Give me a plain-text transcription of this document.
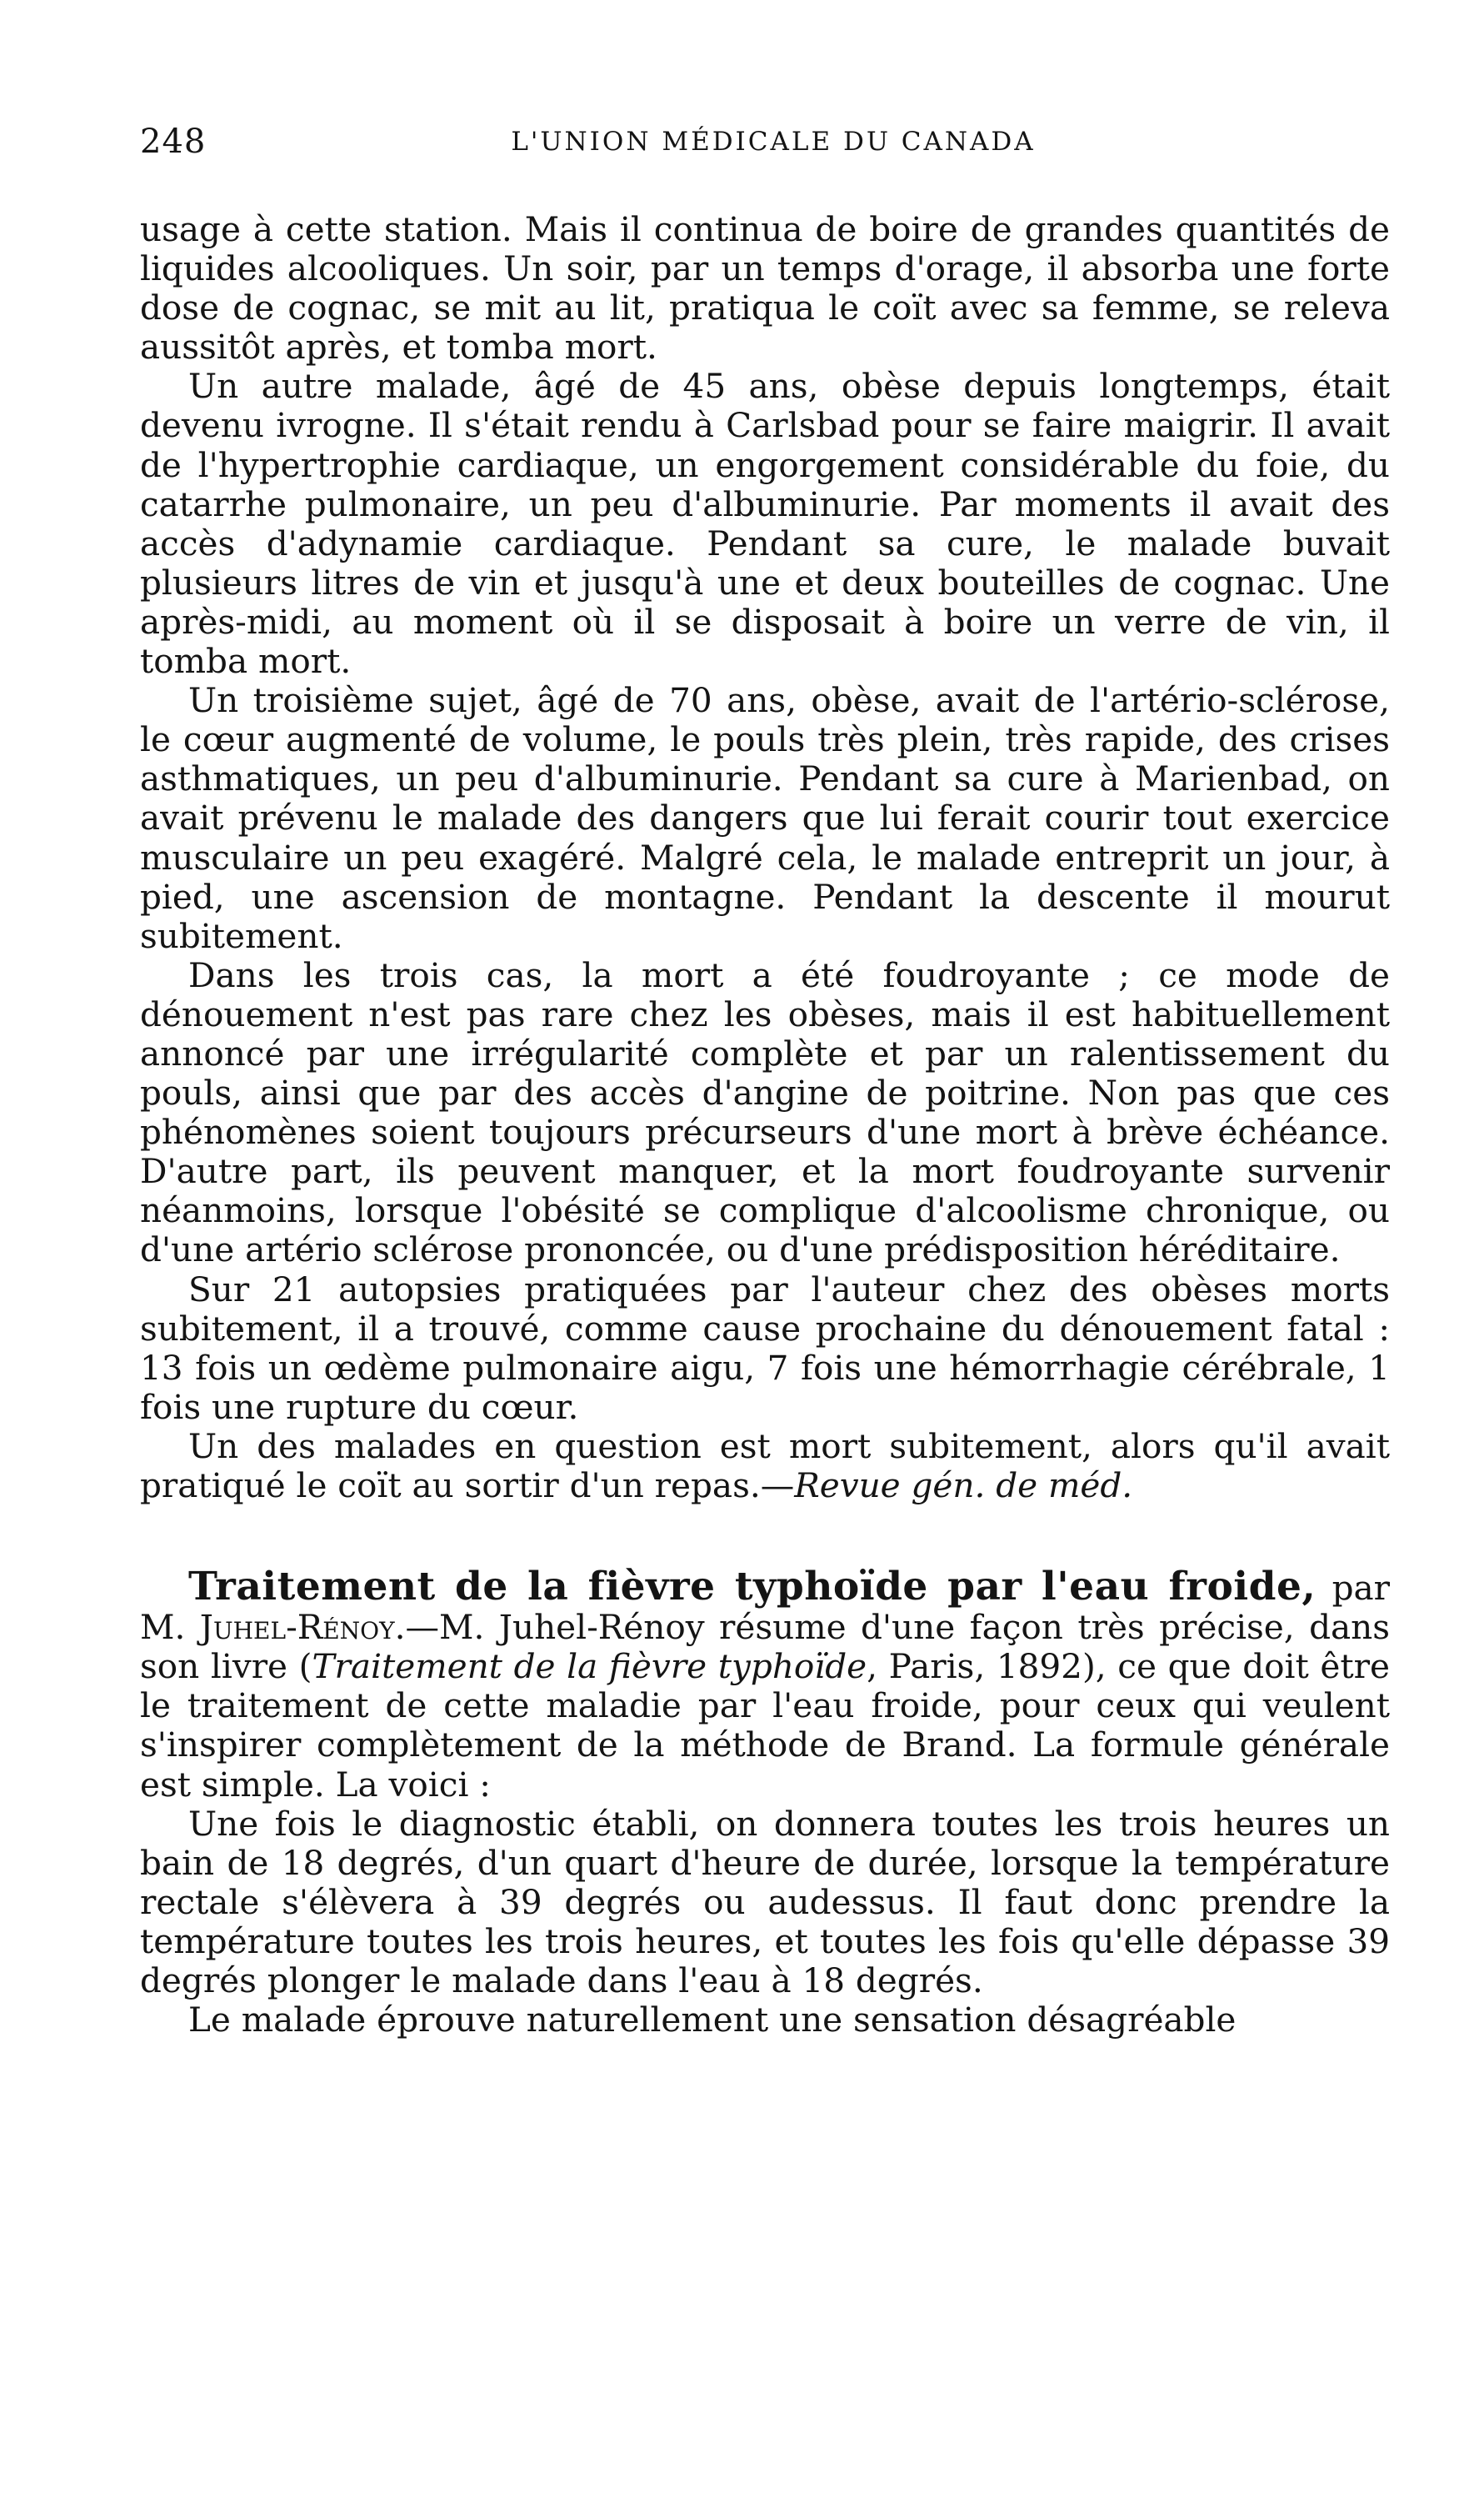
248	L'UNION MÉDICALE DU CANADA

usage à cette station. Mais il continua de boire de grandes quantités de liquides alcooliques. Un soir, par un temps d'orage, il absorba une forte dose de cognac, se mit au lit, pratiqua le coït avec sa femme, se releva aussitôt après, et tomba mort.

Un autre malade, âgé de 45 ans, obèse depuis longtemps, était devenu ivrogne. Il s'était rendu à Carlsbad pour se faire maigrir. Il avait de l'hypertrophie cardiaque, un engorgement considérable du foie, du catarrhe pulmonaire, un peu d'albuminurie. Par moments il avait des accès d'adynamie cardiaque. Pendant sa cure, le malade buvait plusieurs litres de vin et jusqu'à une et deux bouteilles de cognac. Une après-midi, au moment où il se disposait à boire un verre de vin, il tomba mort.

Un troisième sujet, âgé de 70 ans, obèse, avait de l'artério-sclérose, le cœur augmenté de volume, le pouls très plein, très rapide, des crises asthmatiques, un peu d'albuminurie. Pendant sa cure à Marienbad, on avait prévenu le malade des dangers que lui ferait courir tout exercice musculaire un peu exagéré. Malgré cela, le malade entreprit un jour, à pied, une ascension de montagne. Pendant la descente il mourut subitement.

Dans les trois cas, la mort a été foudroyante ; ce mode de dénouement n'est pas rare chez les obèses, mais il est habituellement annoncé par une irrégularité complète et par un ralentissement du pouls, ainsi que par des accès d'angine de poitrine. Non pas que ces phénomènes soient toujours précurseurs d'une mort à brève échéance. D'autre part, ils peuvent manquer, et la mort foudroyante survenir néanmoins, lorsque l'obésité se complique d'alcoolisme chronique, ou d'une artério sclérose prononcée, ou d'une prédisposition héréditaire.

Sur 21 autopsies pratiquées par l'auteur chez des obèses morts subitement, il a trouvé, comme cause prochaine du dénouement fatal : 13 fois un œdème pulmonaire aigu, 7 fois une hémorrhagie cérébrale, 1 fois une rupture du cœur.

Un des malades en question est mort subitement, alors qu'il avait pratiqué le coït au sortir d'un repas.—Revue gén. de méd.

Traitement de la fièvre typhoïde par l'eau froide, par M. Juhel-Rénoy.—M. Juhel-Rénoy résume d'une façon très précise, dans son livre (Traitement de la fièvre typhoïde, Paris, 1892), ce que doit être le traitement de cette maladie par l'eau froide, pour ceux qui veulent s'inspirer complètement de la méthode de Brand. La formule générale est simple. La voici :

Une fois le diagnostic établi, on donnera toutes les trois heures un bain de 18 degrés, d'un quart d'heure de durée, lorsque la température rectale s'élèvera à 39 degrés ou audessus. Il faut donc prendre la température toutes les trois heures, et toutes les fois qu'elle dépasse 39 degrés plonger le malade dans l'eau à 18 degrés.

Le malade éprouve naturellement une sensation désagréable
